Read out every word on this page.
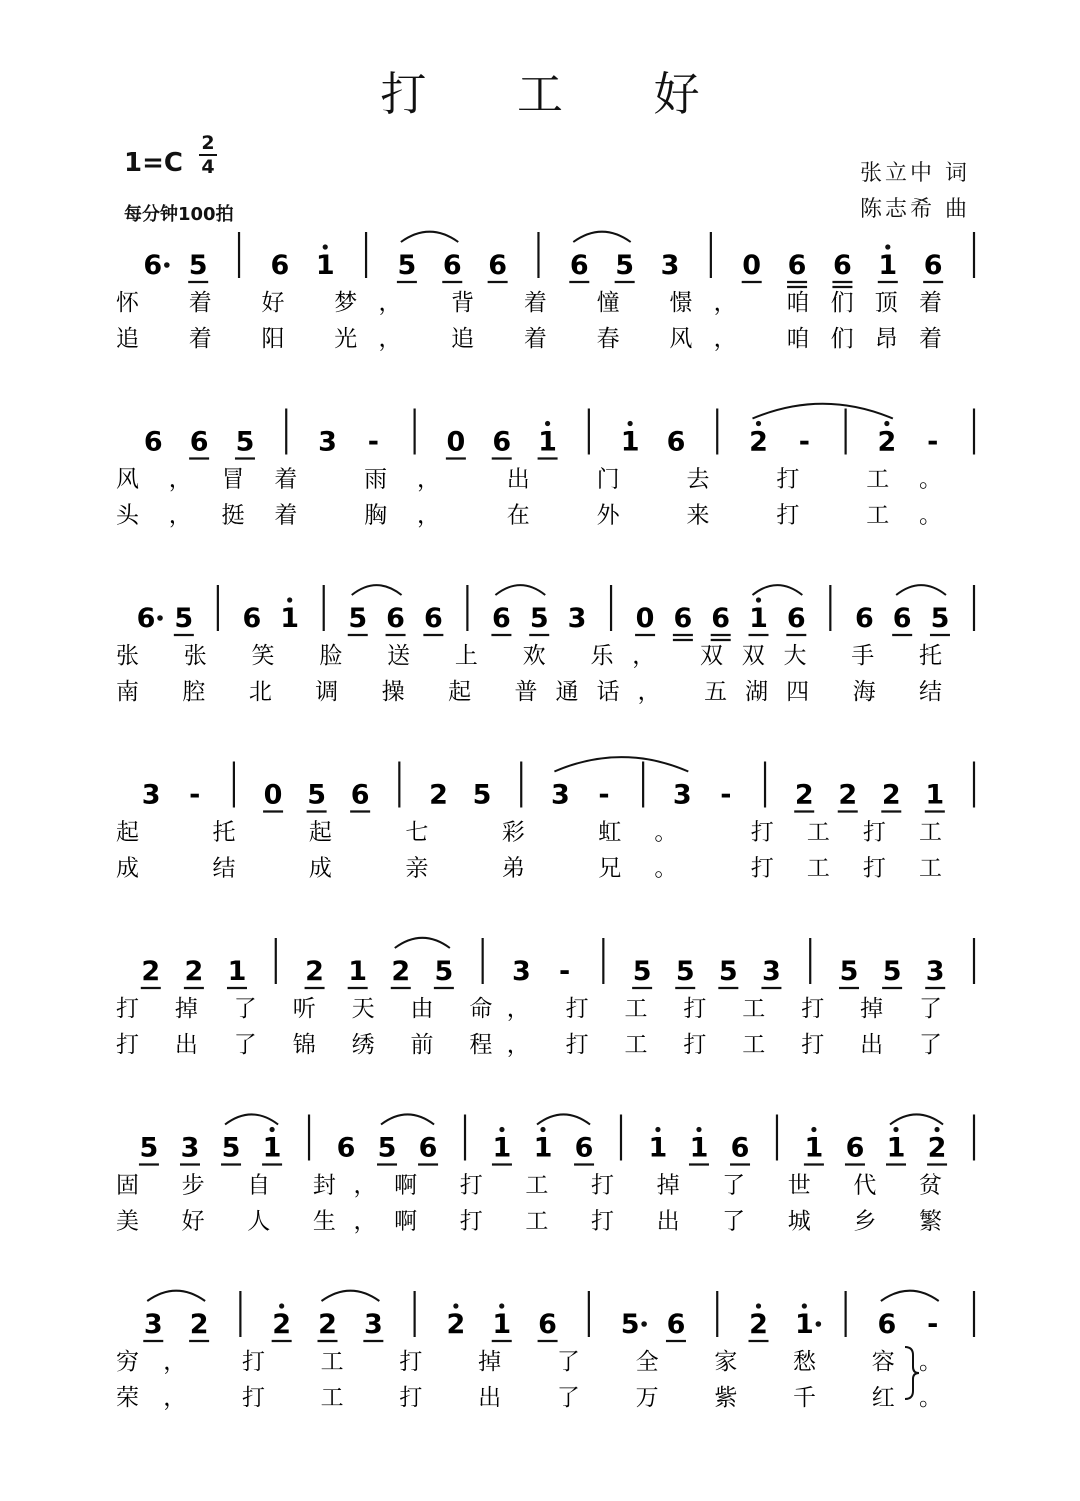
打 工 好
1=C
2
4
每分钟100拍
张立中 词
陈志希 曲
6 5 6 1 5 6 6 6 5 3 0 6 6 1 6
怀 着 好 梦， 背 着 憧 憬， 咱们顶着
追 着 阳 光， 追 着 春 风， 咱们昂着
6 6 5 3 -	0 6 1 1 6 2 -	2 -
风，冒着 雨， 出 门 去 打 工。
头，挺着 胸， 在 外 来 打 工。
6 5 6 1 5 6 6 6 5 3 0 6 6 1 6 6 6 5
张 张 笑 脸 送 上 欢 乐， 双双大 手 托
南 腔 北 调 操 起 普通话， 五湖四 海 结
3 - 0 5 6 2 5 3 - 3 - 2 2 2 1
起 托 起 七 彩 虹。 打工打工
成 结 成 亲 弟 兄。 打工打工
2 2 1 2 1 2 5 3 - 5 5 5 3 5 5 3
打 掉 了 听 天 由 命， 打 工 打 工 打 掉 了
打 出 了 锦 绣 前 程， 打 工 打 工 打 出 了
5 3 5 1 6 5 6 1 1 6 1 1 6 1 6 1 2
固 步 自 封，啊 打 工 打 掉 了 世 代 贫
美 好 人 生，啊 打 工 打 出 了 城 乡 繁
3 2 2 2 3 2 1 6 5 6 2 1 6 -
穷， 打 工 打 掉 了 全 家 愁 容。
荣， 打 工 打 出 了 万 紫 千 红。
